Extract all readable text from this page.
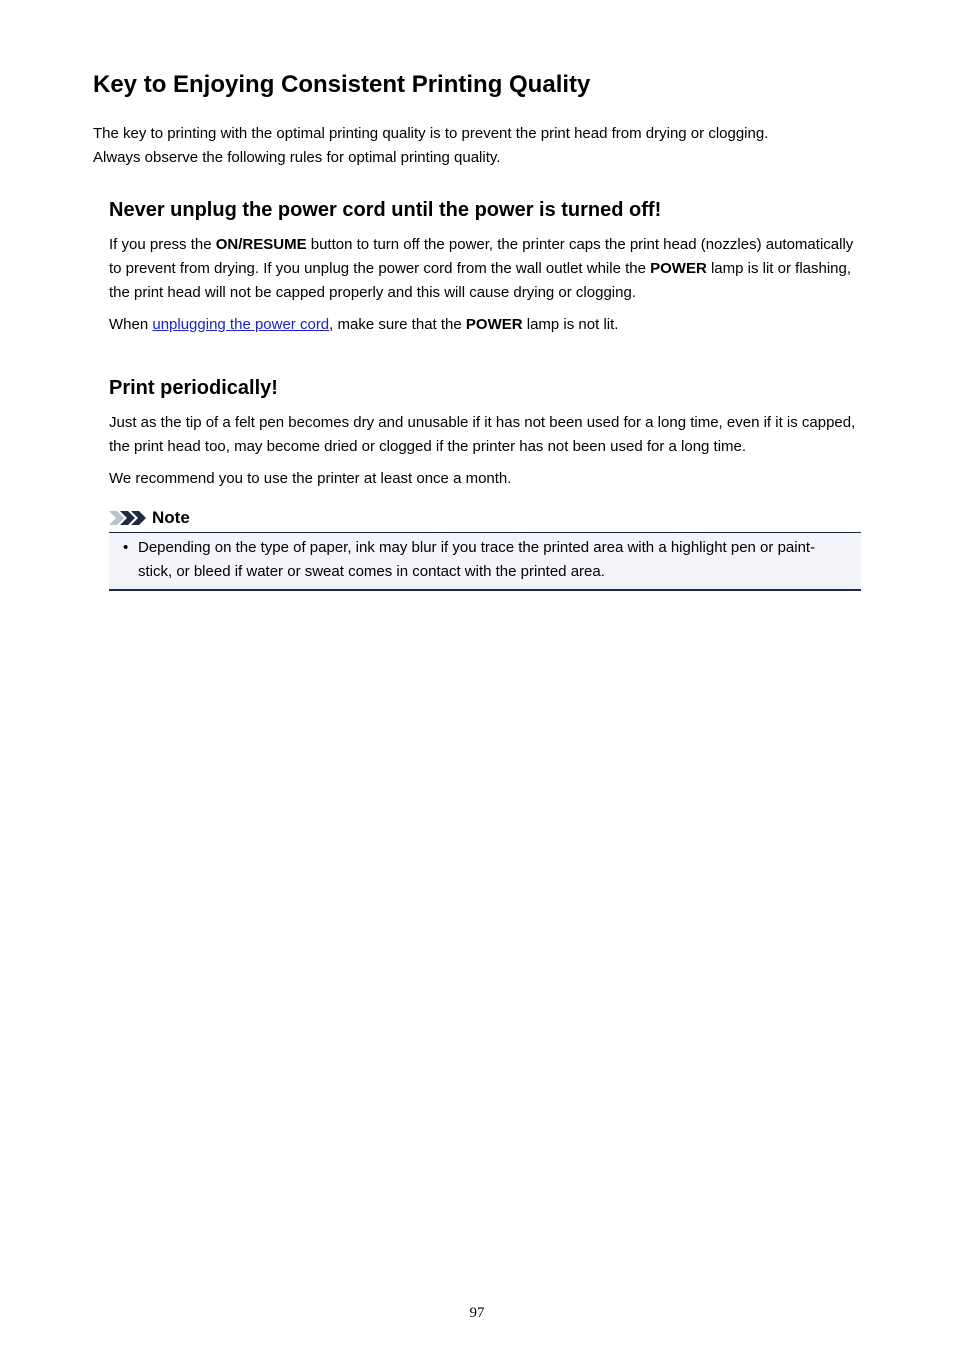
Key to Enjoying Consistent Printing Quality

The key to printing with the optimal printing quality is to prevent the print head from drying or clogging.

Always observe the following rules for optimal printing quality.

Never unplug the power cord until the power is turned off!

If you press the ON/RESUME button to turn off the power, the printer caps the print head (nozzles) automatically to prevent from drying. If you unplug the power cord from the wall outlet while the POWER lamp is lit or flashing, the print head will not be capped properly and this will cause drying or clogging.

When unplugging the power cord, make sure that the POWER lamp is not lit.

Print periodically!

Just as the tip of a felt pen becomes dry and unusable if it has not been used for a long time, even if it is capped, the print head too, may become dried or clogged if the printer has not been used for a long time.

We recommend you to use the printer at least once a month.

Note
• Depending on the type of paper, ink may blur if you trace the printed area with a highlight pen or paint-stick, or bleed if water or sweat comes in contact with the printed area.
97
